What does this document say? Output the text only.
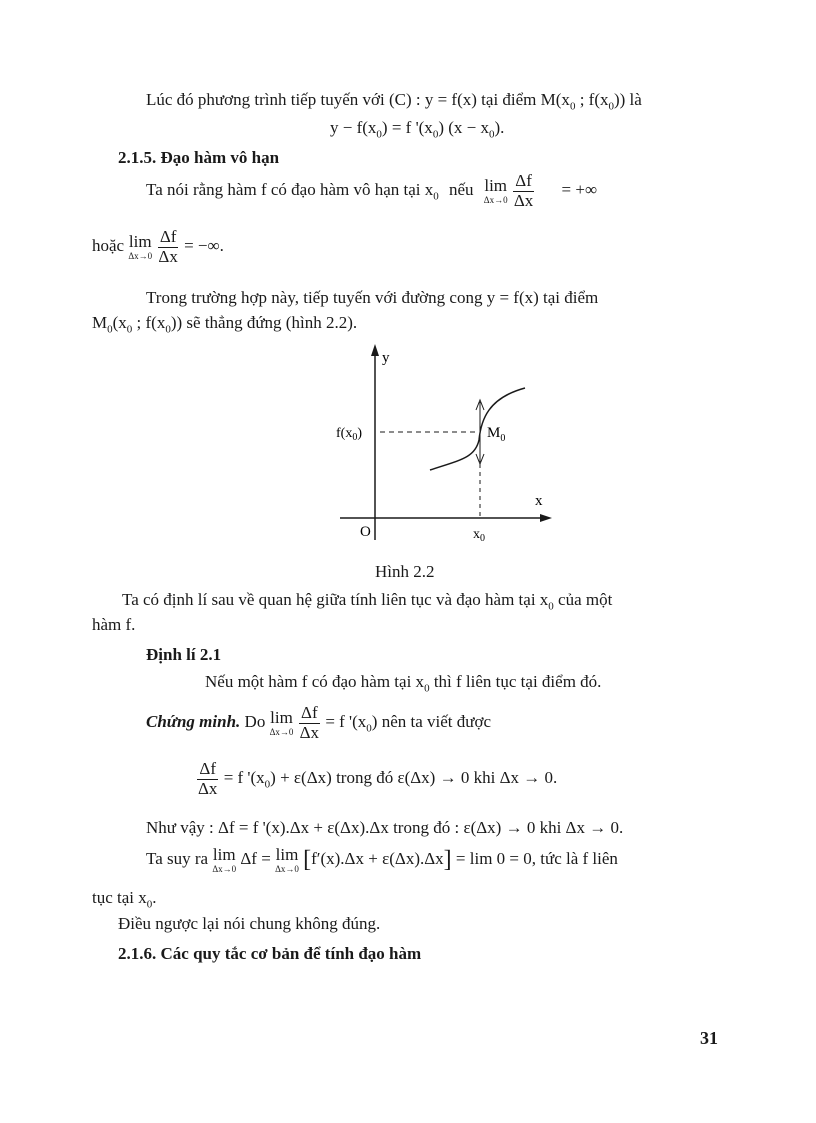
Lúc đó phương trình tiếp tuyến với (C) : y = f(x) tại điểm $M(x_0$ ; $f(x_0)$) là
$y - f(x_0) = f$ '$(x_0) (x - x_0)$.
2.1.5. Đạo hàm vô hạn
Ta nói rằng hàm f có đạo hàm vô hạn tại $x_0$ nếu lim
Δx→0
$\frac{\Delta f}{\Delta x}$ = +∞
hoặc lim
Δx→0
$\frac{\Delta f}{\Delta x}$ = −∞.
Trong trường hợp này, tiếp tuyến với đường cong y = f(x) tại điểm
$M_0(x_0$ ; $f(x_0)$) sẽ thẳng đứng (hình 2.2).
y
x
$f(x_0)$	$M_0$
O	$x_0$
Hình 2.2
Ta có định lí sau về quan hệ giữa tính liên tục và đạo hàm tại $x_0$ của một
hàm f.
Định lí 2.1
Nếu một hàm f có đạo hàm tại $x_0$ thì f liên tục tại điểm đó.
Chứng minh. Do lim
Δx→0
$\frac{\Delta f}{\Delta x} = f$ '$(x_0)$ nên ta viết được
$\frac{\Delta f}{\Delta x} = f$ '$(x_0) + \varepsilon(\Delta x)$ trong đó ε(Δx) → 0 khi Δx → 0.
Như vậy : Δf = f '(x).Δx + ε(Δx).Δx trong đó : ε(Δx) → 0 khi Δx → 0.
Ta suy ra lim
Δx→0
Δf = lim
Δx→0 [f′(x).Δx + ε(Δx).Δx] = lim 0 = 0, tức là f liên
tục tại $x_0$.
Điều ngược lại nói chung không đúng.
2.1.6. Các quy tắc cơ bản để tính đạo hàm
31
